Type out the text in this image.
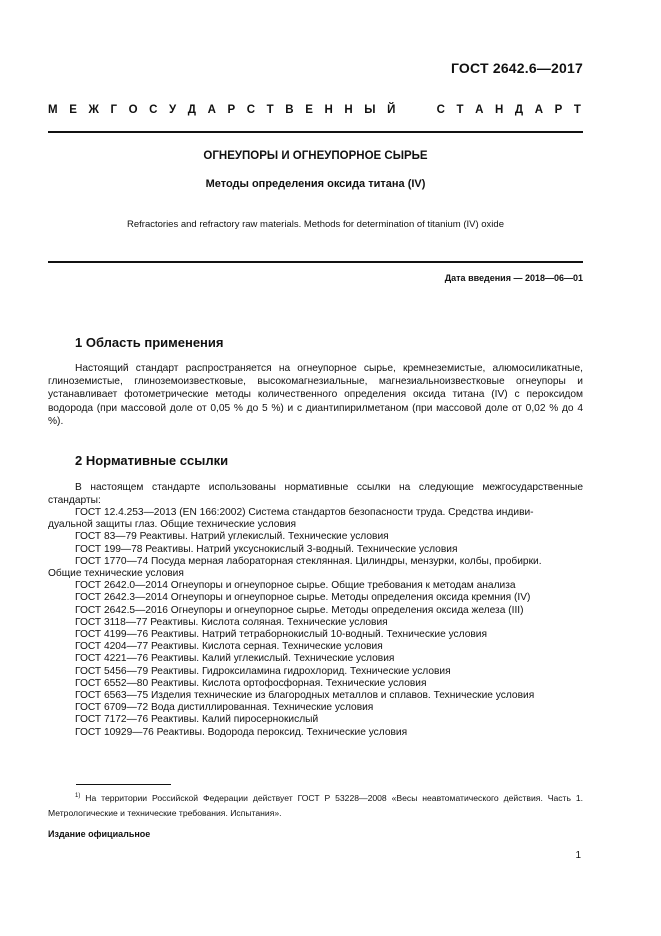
ГОСТ 2642.6—2017
М Е Ж Г О С У Д А Р С Т В Е Н Н Ы Й

	С Т А Н Д А Р Т
ОГНЕУПОРЫ И ОГНЕУПОРНОЕ СЫРЬЕ
Методы определения оксида титана (IV)
Refractories and refractory raw materials. Methods for determination of titanium (IV) oxide
Дата введения — 2018—06—01
1 Область применения

Настоящий стандарт распространяется на огнеупорное сырье, кремнеземистые, алюмосиликатные, глиноземистые, глиноземоизвестковые, высокомагнезиальные, магнезиальноизвестковые огнеупоры и устанавливает фотометрические методы количественного определения оксида титана (IV) с пероксидом водорода (при массовой доле от 0,05 % до 5 %) и с диантипирилметаном (при массовой доле от 0,02 % до 4 %).

2 Нормативные ссылки

В настоящем стандарте использованы нормативные ссылки на следующие межгосударственные стандарты:

ГОСТ 12.4.253—2013 (EN 166:2002) Система стандартов безопасности труда. Средства индиви-
дуальной защиты глаз. Общие технические условия
ГОСТ 83—79 Реактивы. Натрий углекислый. Технические условия
ГОСТ 199—78 Реактивы. Натрий уксуснокислый 3-водный. Технические условия
ГОСТ 1770—74 Посуда мерная лабораторная стеклянная. Цилиндры, мензурки, колбы, пробирки.
Общие технические условия
ГОСТ 2642.0—2014 Огнеупоры и огнеупорное сырье. Общие требования к методам анализа
ГОСТ 2642.3—2014 Огнеупоры и огнеупорное сырье. Методы определения оксида кремния (IV)
ГОСТ 2642.5—2016 Огнеупоры и огнеупорное сырье. Методы определения оксида железа (III)
ГОСТ 3118—77 Реактивы. Кислота соляная. Технические условия
ГОСТ 4199—76 Реактивы. Натрий тетраборнокислый 10-водный. Технические условия
ГОСТ 4204—77 Реактивы. Кислота серная. Технические условия
ГОСТ 4221—76 Реактивы. Калий углекислый. Технические условия
ГОСТ 5456—79 Реактивы. Гидроксиламина гидрохлорид. Технические условия
ГОСТ 6552—80 Реактивы. Кислота ортофосфорная. Технические условия
ГОСТ 6563—75 Изделия технические из благородных металлов и сплавов. Технические условия
ГОСТ 6709—72 Вода дистиллированная. Технические условия
ГОСТ 7172—76 Реактивы. Калий пиросернокислый
ГОСТ 10929—76 Реактивы. Водорода пероксид. Технические условия
$^{1)}$ На территории Российской Федерации действует ГОСТ Р 53228—2008 «Весы неавтоматического действия. Часть 1. Метрологические и технические требования. Испытания».
Издание официальное
1
